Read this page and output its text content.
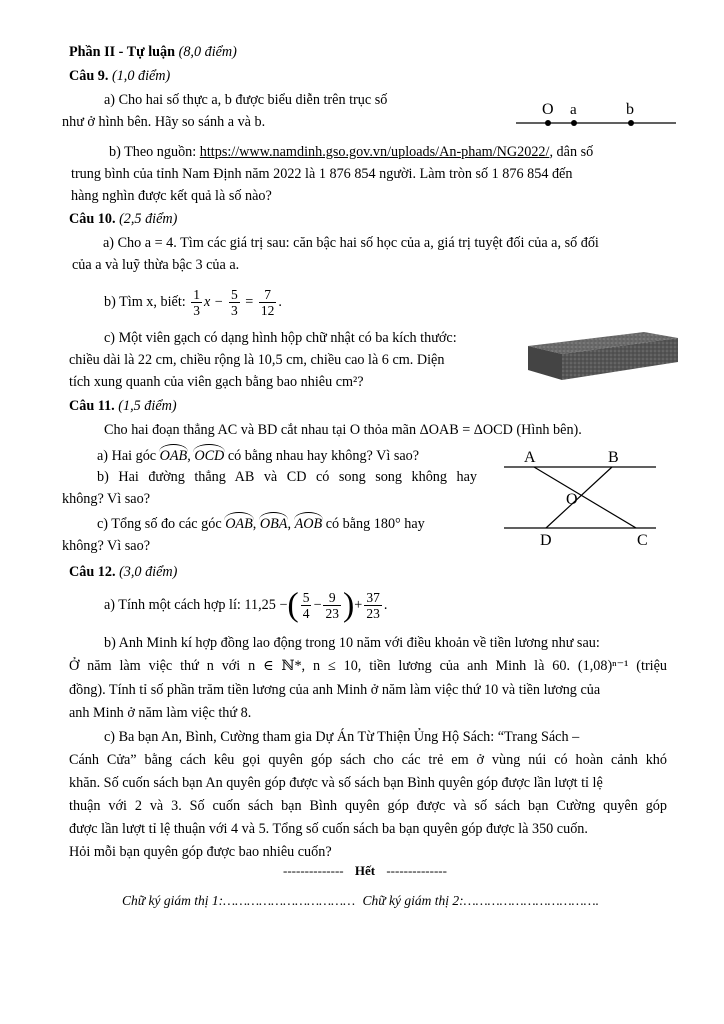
Phần II - Tự luận (8,0 điểm)
Câu 9. (1,0 điểm)
a) Cho hai số thực a, b được biểu diễn trên trục số
như ở hình bên. Hãy so sánh a và b.
O a	b
b) Theo nguồn: https://www.namdinh.gso.gov.vn/uploads/An-pham/NG2022/, dân số
trung bình của tỉnh Nam Định năm 2022 là 1 876 854 người. Làm tròn số 1 876 854 đến
hàng nghìn được kết quả là số nào?
Câu 10. (2,5 điểm)
a) Cho a = 4. Tìm các giá trị sau: căn bậc hai số học của a, giá trị tuyệt đối của a, số đối
của a và luỹ thừa bậc 3 của a.
b) Tìm x, biết: $\frac{1}{3}$ $x - \frac{5}{3} = \frac{7}{12}$ .
c) Một viên gạch có dạng hình hộp chữ nhật có ba kích thước:
chiều dài là 22 cm, chiều rộng là 10,5 cm, chiều cao là 6 cm. Diện
tích xung quanh của viên gạch bằng bao nhiêu cm²?
Câu 11. (1,5 điểm)
Cho hai đoạn thẳng AC và BD cắt nhau tại O thỏa mãn ΔOAB = ΔOCD (Hình bên).
a) Hai góc OAB, OCD có bằng nhau hay không? Vì sao?
b) Hai đường thẳng AB và CD có song song không hay
không? Vì sao?
c) Tổng số đo các góc OAB, OBA, AOB có bằng 180° hay
không? Vì sao?
A	B
O
D	C
Câu 12. (3,0 điểm)
a) Tính một cách hợp lí: 11,25 −( $\frac{5}{4} - \frac{9}{23}$ )+ $\frac{37}{23}$ .
b) Anh Minh kí hợp đồng lao động trong 10 năm với điều khoản về tiền lương như sau:
Ở năm làm việc thứ n với n ∈ ℕ*, n ≤ 10, tiền lương của anh Minh là 60. (1,08)ⁿ⁻¹ (triệu
đồng). Tính tỉ số phần trăm tiền lương của anh Minh ở năm làm việc thứ 10 và tiền lương của
anh Minh ở năm làm việc thứ 8.
c) Ba bạn An, Bình, Cường tham gia Dự Án Từ Thiện Ủng Hộ Sách: “Trang Sách –
Cánh Cửa” bằng cách kêu gọi quyên góp sách cho các trẻ em ở vùng núi có hoàn cảnh khó
khăn. Số cuốn sách bạn An quyên góp được và số sách bạn Bình quyên góp được lần lượt tỉ lệ
thuận với 2 và 3. Số cuốn sách bạn Bình quyên góp được và số sách bạn Cường quyên góp
được lần lượt tỉ lệ thuận với 4 và 5. Tổng số cuốn sách ba bạn quyên góp được là 350 cuốn.
Hỏi mỗi bạn quyên góp được bao nhiêu cuốn?
-------------- Hết --------------
Chữ ký giám thị 1:…………………………… Chữ ký giám thị 2:…………………………….
